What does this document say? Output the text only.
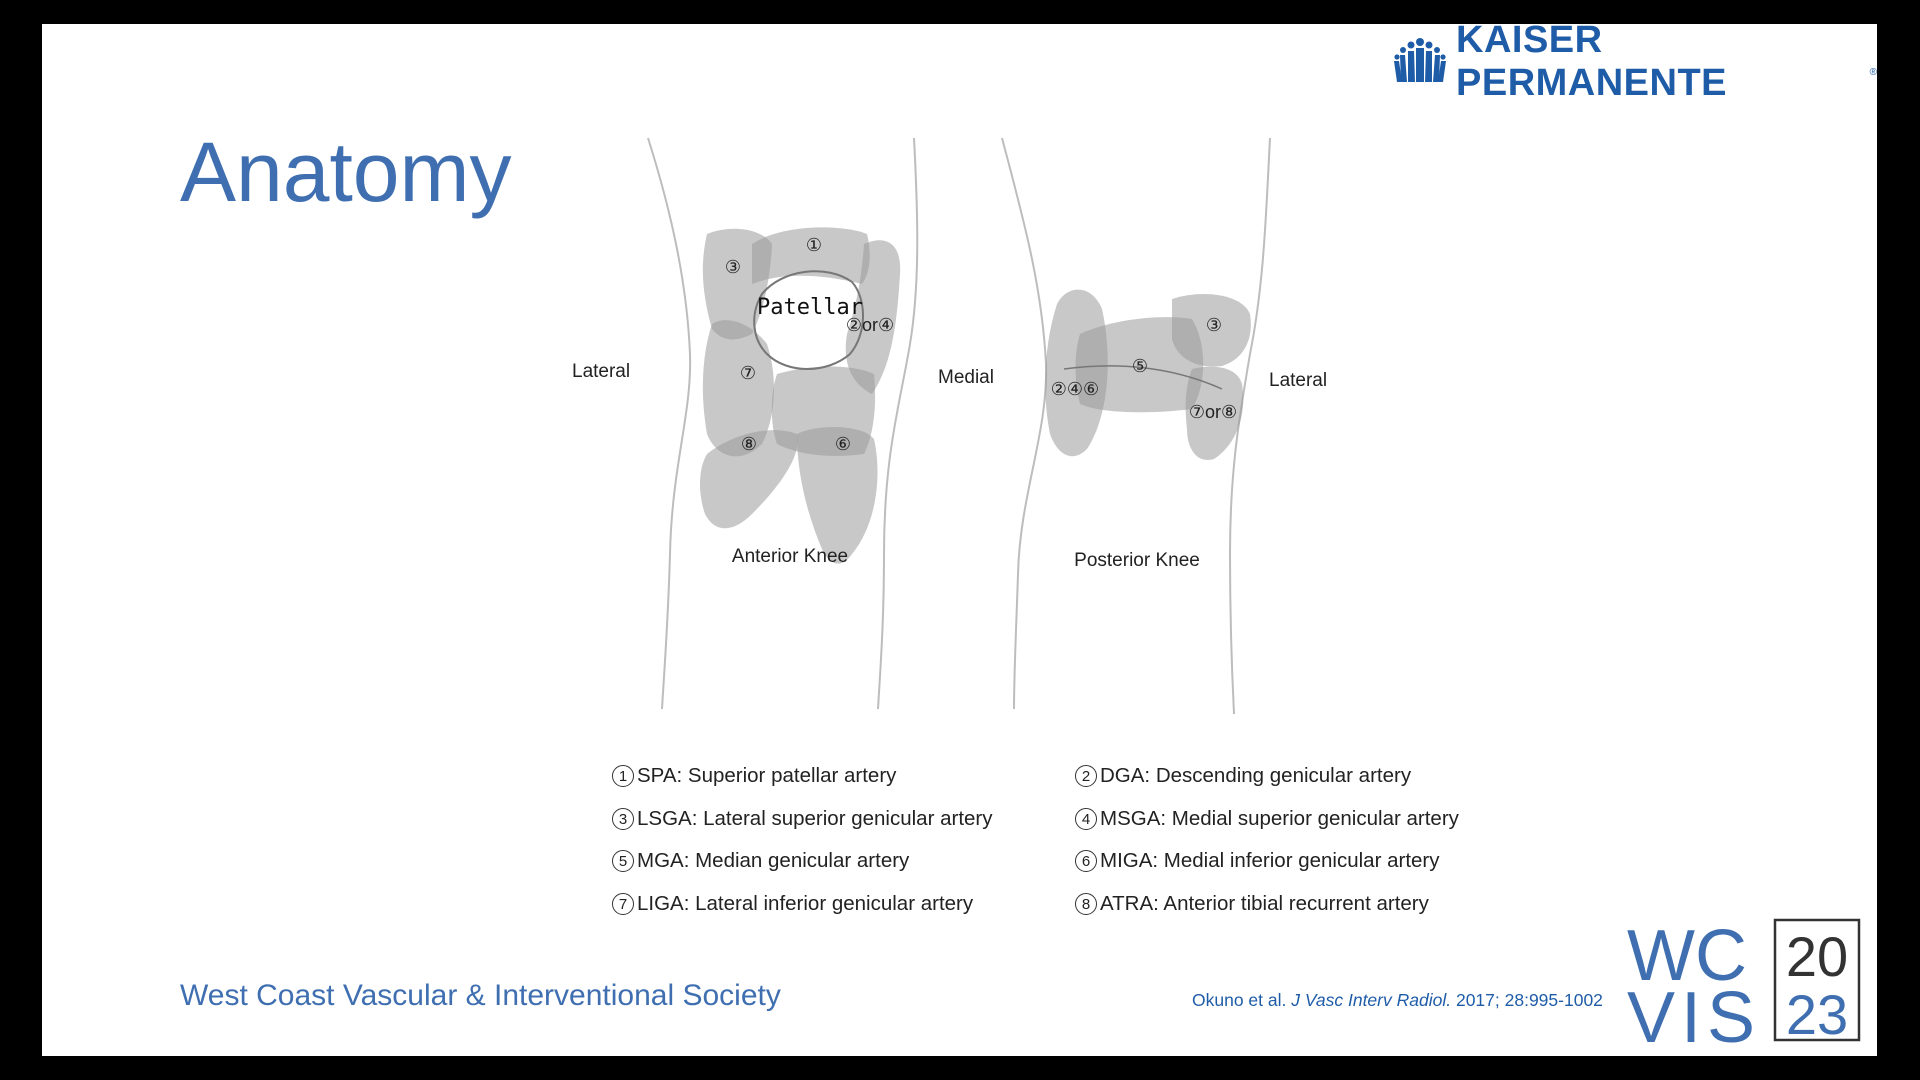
KAISER PERMANENTE	®
Anatomy
Patellar
①
③
②or④
⑦
⑧	⑥
Lateral	Medial
Anterior Knee
③
⑤
②④⑥
⑦or⑧
Lateral
Posterior Knee
1 SPA: Superior patellar artery	2 DGA: Descending genicular artery
3 LSGA: Lateral superior genicular artery	4 MSGA: Medial superior genicular artery
5 MGA: Median genicular artery	6 MIGA: Medial inferior genicular artery
7 LIGA: Lateral inferior genicular artery	8 ATRA: Anterior tibial recurrent artery
West Coast Vascular & Interventional Society	Okuno et al. J Vasc Interv Radiol. 2017; 28:995-1002
WC
VIS
20
23
